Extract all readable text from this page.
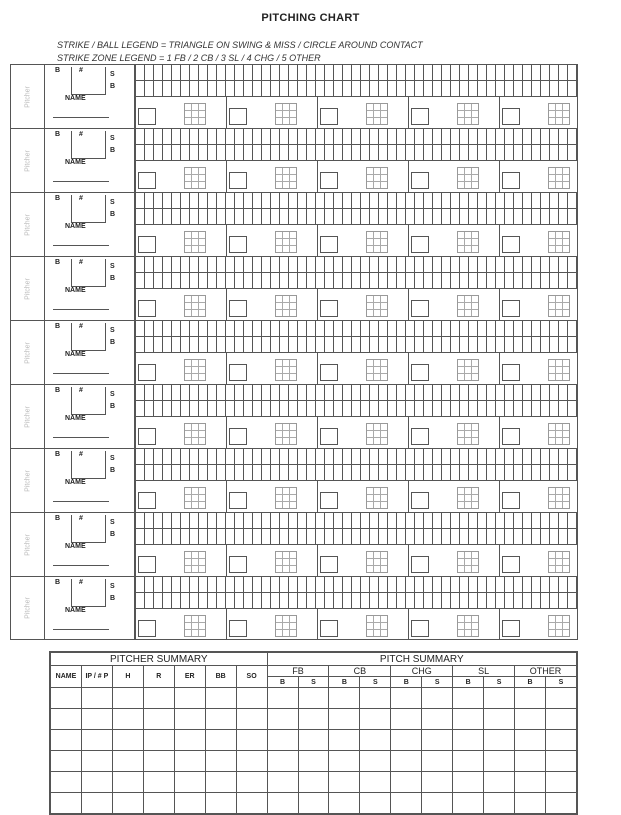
PITCHING CHART
STRIKE / BALL LEGEND = TRIANGLE ON SWING & MISS / CIRCLE AROUND CONTACT
STRIKE ZONE LEGEND = 1 FB / 2 CB / 3 SL / 4 CHG / 5 OTHER
Pitcher
B	#
S
B
NAME
Pitcher
B	#
S
B
NAME
Pitcher
B	#
S
B
NAME
Pitcher
B	#
S
B
NAME
Pitcher
B	#
S
B
NAME
Pitcher
B	#
S
B
NAME
Pitcher
B	#
S
B
NAME
Pitcher
B	#
S
B
NAME
Pitcher
B	#
S
B
NAME
PITCHER SUMMARY							PITCH SUMMARY									
NAME	IP / # P	H	R	ER	BB	SO	FB		CB		CHG		SL		OTHER	
							B	S	B	S	B	S	B	S	B	S
